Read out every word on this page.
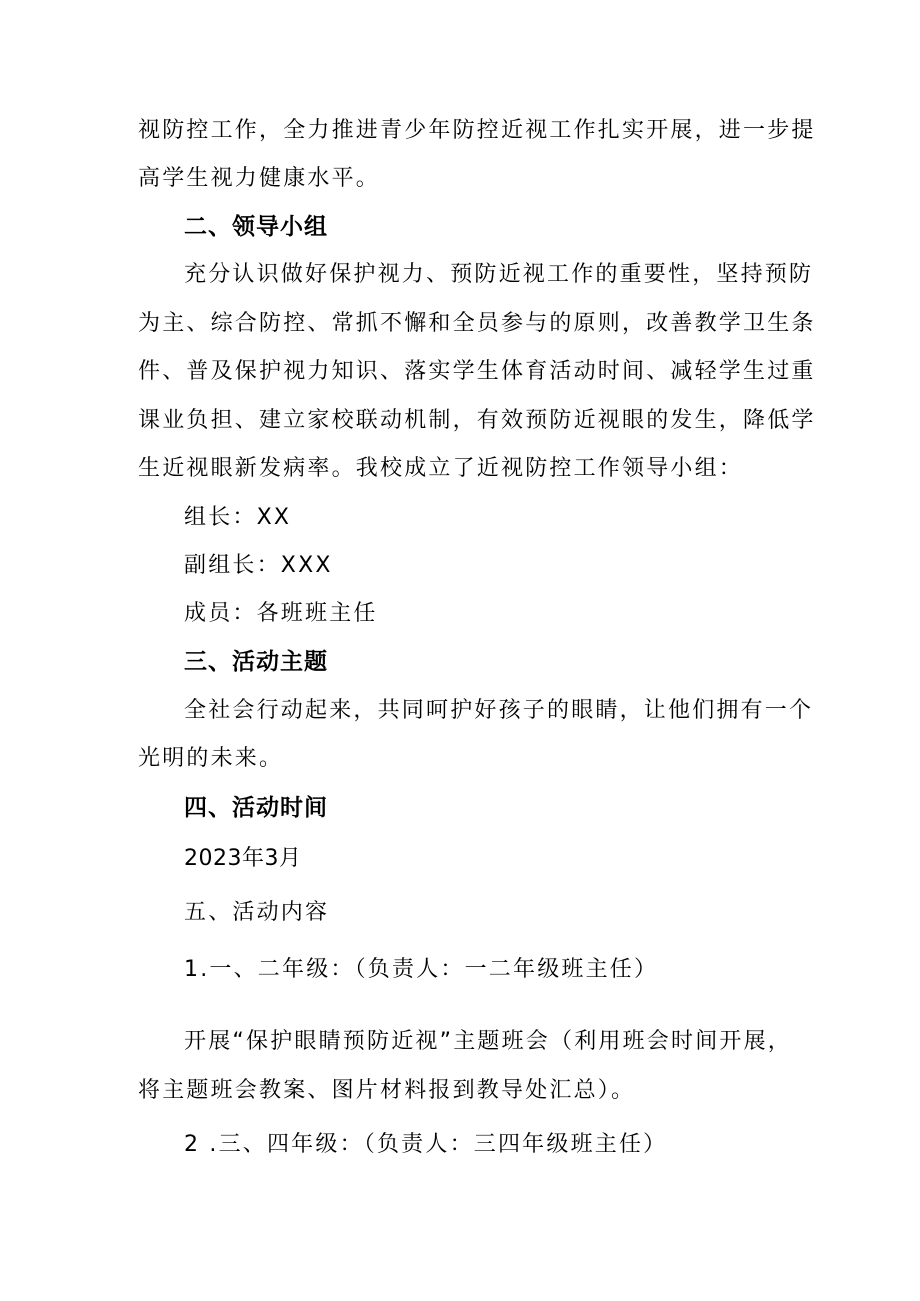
视防控工作，全力推进青少年防控近视工作扎实开展，进一步提
高学生视力健康水平。
二、领导小组
充分认识做好保护视力、预防近视工作的重要性，坚持预防
为主、综合防控、常抓不懈和全员参与的原则，改善教学卫生条
件、普及保护视力知识、落实学生体育活动时间、减轻学生过重
课业负担、建立家校联动机制，有效预防近视眼的发生，降低学
生近视眼新发病率。我校成立了近视防控工作领导小组：
组长：XX
副组长：XXX
成员：各班班主任
三、活动主题
全社会行动起来，共同呵护好孩子的眼睛，让他们拥有一个
光明的未来。
四、活动时间
2023年3月
五、活动内容
1.一、二年级：（负责人：一二年级班主任）
开展“保护眼睛预防近视”主题班会（利用班会时间开展，
将主题班会教案、图片材料报到教导处汇总）。
2 .三、四年级：（负责人：三四年级班主任）
